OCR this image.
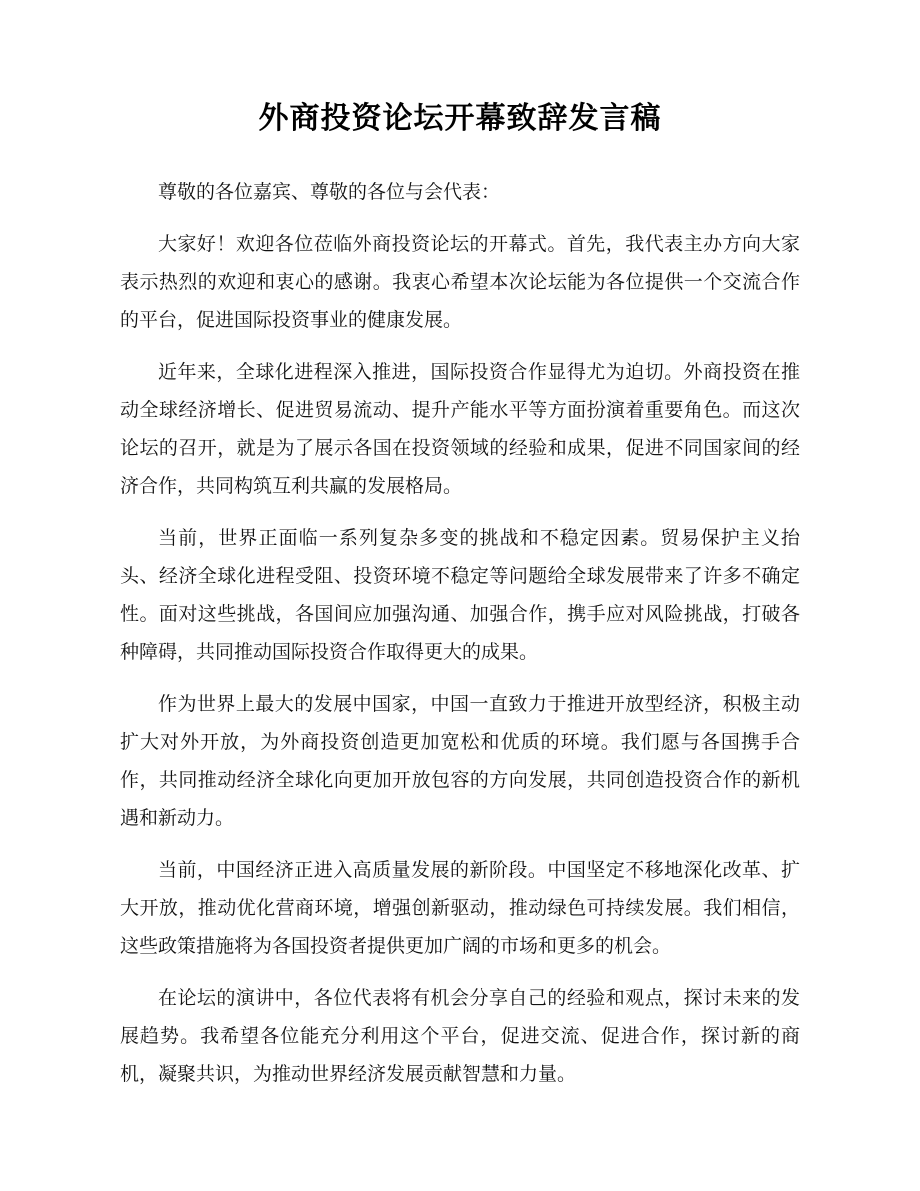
外商投资论坛开幕致辞发言稿

尊敬的各位嘉宾、尊敬的各位与会代表：

大家好！欢迎各位莅临外商投资论坛的开幕式。首先，我代表主办方向大家表示热烈的欢迎和衷心的感谢。我衷心希望本次论坛能为各位提供一个交流合作的平台，促进国际投资事业的健康发展。

近年来，全球化进程深入推进，国际投资合作显得尤为迫切。外商投资在推动全球经济增长、促进贸易流动、提升产能水平等方面扮演着重要角色。而这次论坛的召开，就是为了展示各国在投资领域的经验和成果，促进不同国家间的经济合作，共同构筑互利共赢的发展格局。

当前，世界正面临一系列复杂多变的挑战和不稳定因素。贸易保护主义抬头、经济全球化进程受阻、投资环境不稳定等问题给全球发展带来了许多不确定性。面对这些挑战，各国间应加强沟通、加强合作，携手应对风险挑战，打破各种障碍，共同推动国际投资合作取得更大的成果。

作为世界上最大的发展中国家，中国一直致力于推进开放型经济，积极主动扩大对外开放，为外商投资创造更加宽松和优质的环境。我们愿与各国携手合作，共同推动经济全球化向更加开放包容的方向发展，共同创造投资合作的新机遇和新动力。

当前，中国经济正进入高质量发展的新阶段。中国坚定不移地深化改革、扩大开放，推动优化营商环境，增强创新驱动，推动绿色可持续发展。我们相信，这些政策措施将为各国投资者提供更加广阔的市场和更多的机会。

在论坛的演讲中，各位代表将有机会分享自己的经验和观点，探讨未来的发展趋势。我希望各位能充分利用这个平台，促进交流、促进合作，探讨新的商机，凝聚共识，为推动世界经济发展贡献智慧和力量。
